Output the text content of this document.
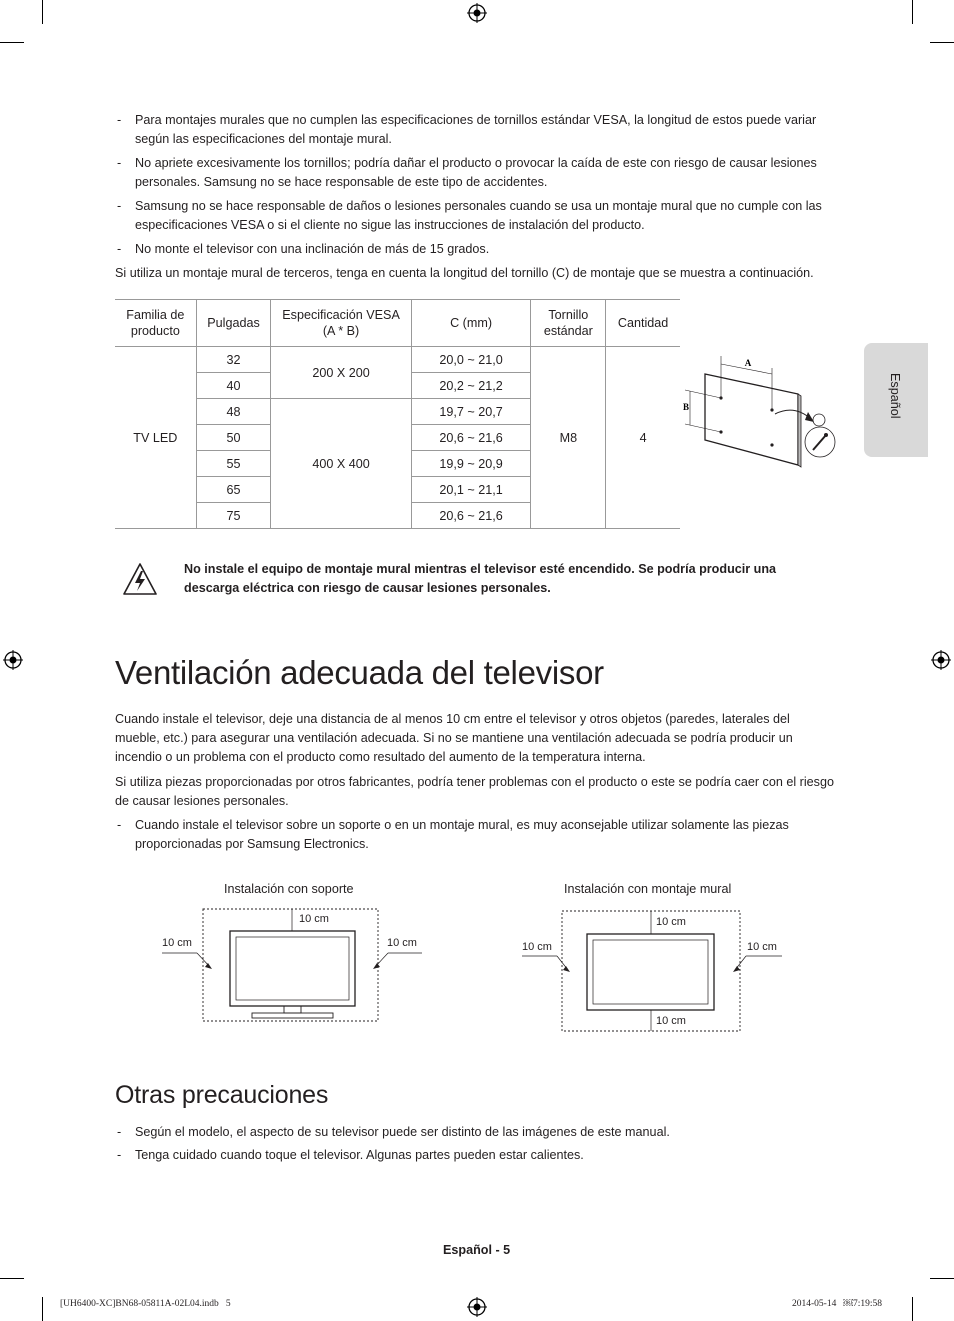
Español
- Para montajes murales que no cumplen las especificaciones de tornillos estándar VESA, la longitud de estos puede variar según las especificaciones del montaje mural.
- No apriete excesivamente los tornillos; podría dañar el producto o provocar la caída de este con riesgo de causar lesiones personales. Samsung no se hace responsable de este tipo de accidentes.
- Samsung no se hace responsable de daños o lesiones personales cuando se usa un montaje mural que no cumple con las especificaciones VESA o si el cliente no sigue las instrucciones de instalación del producto.
- No monte el televisor con una inclinación de más de 15 grados.
Si utiliza un montaje mural de terceros, tenga en cuenta la longitud del tornillo (C) de montaje que se muestra a continuación.
Familia de producto	Pulgadas	Especificación VESA (A * B)	C (mm)	Tornillo estándar	Cantidad
TV LED	32	200 X 200	20,0 ~ 21,0	M8	4
	40		20,2 ~ 21,2		
	48	400 X 400	19,7 ~ 20,7		
	50		20,6 ~ 21,6		
	55		19,9 ~ 20,9		
	65		20,1 ~ 21,1		
	75		20,6 ~ 21,6		
A
B
No instale el equipo de montaje mural mientras el televisor esté encendido. Se podría producir una descarga eléctrica con riesgo de causar lesiones personales.
Ventilación adecuada del televisor
Cuando instale el televisor, deje una distancia de al menos 10 cm entre el televisor y otros objetos (paredes, laterales del mueble, etc.) para asegurar una ventilación adecuada. Si no se mantiene una ventilación adecuada se podría producir un incendio o un problema con el producto como resultado del aumento de la temperatura interna.
Si utiliza piezas proporcionadas por otros fabricantes, podría tener problemas con el producto o este se podría caer con el riesgo de causar lesiones personales.
- Cuando instale el televisor sobre un soporte o en un montaje mural, es muy aconsejable utilizar solamente las piezas proporcionadas por Samsung Electronics.
Instalación con soporte	Instalación con montaje mural
10 cm
10 cm	10 cm
10 cm
10 cm	10 cm
10 cm
Otras precauciones
- Según el modelo, el aspecto de su televisor puede ser distinto de las imágenes de este manual.
- Tenga cuidado cuando toque el televisor. Algunas partes pueden estar calientes.
Español - 5
[UH6400-XC]BN68-05811A-02L04.indb   5	2014-05-14   ￼7:19:58
